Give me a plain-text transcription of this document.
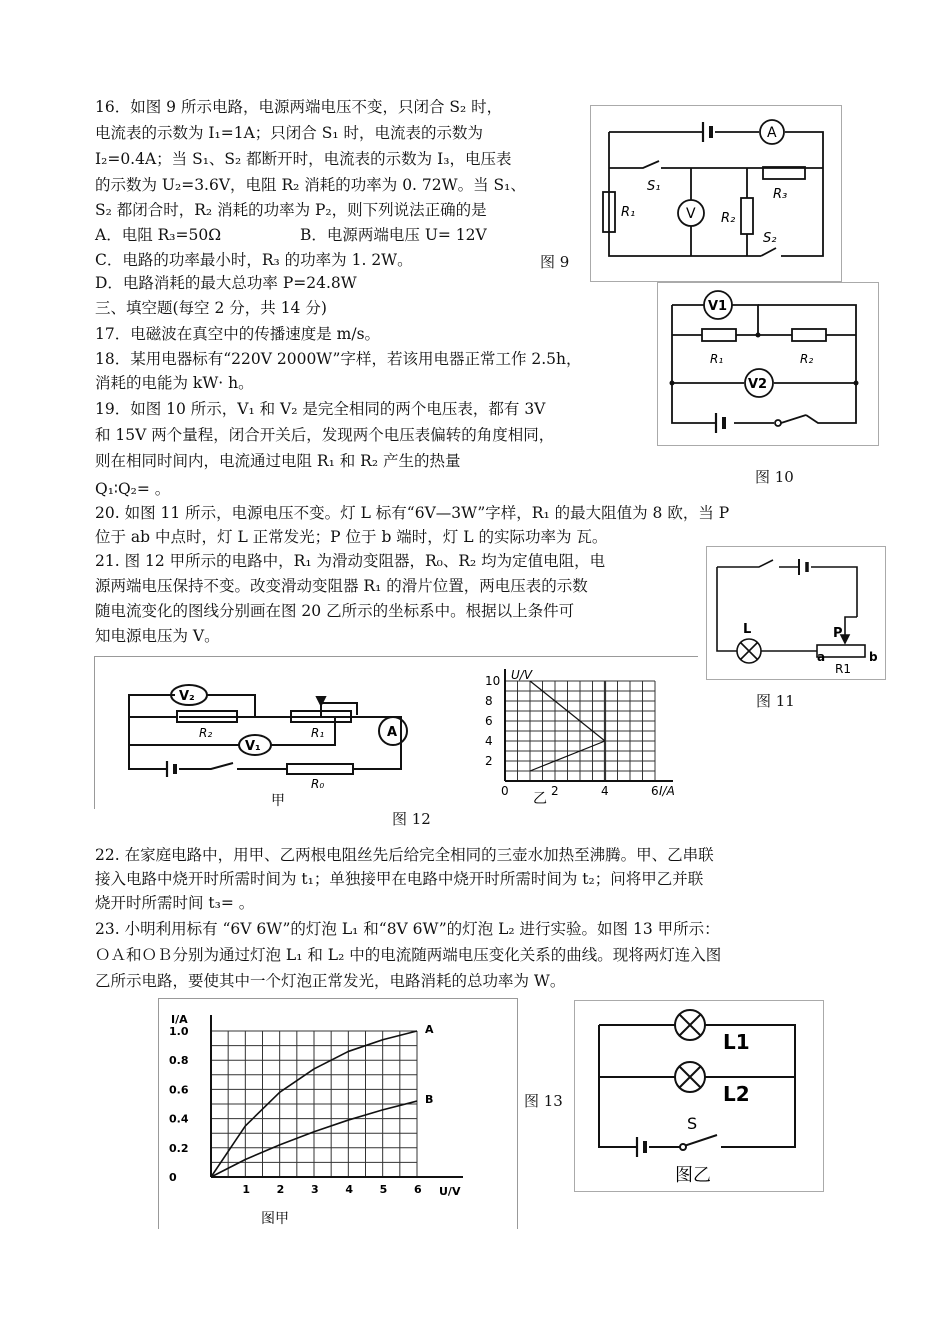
16．如图 9 所示电路，电源两端电压不变，只闭合 S₂ 时，
电流表的示数为 I₁=1A；只闭合 S₁ 时，电流表的示数为
I₂=0.4A；当 S₁、S₂ 都断开时，电流表的示数为 I₃，电压表
的示数为 U₂=3.6V，电阻 R₂ 消耗的功率为 0. 72W。当 S₁、
S₂ 都闭合时，R₂ 消耗的功率为 P₂，则下列说法正确的是
A．电阻 R₃=50Ω	B．电源两端电压 U= 12V
C．电路的功率最小时，R₃ 的功率为 1. 2W。	图 9
D．电路消耗的最大总功率 P=24.8W
三、填空题(每空 2 分，共 14 分)
A
V
S₁
S₂
R₁	R₂
R₃
17．电磁波在真空中的传播速度是 m/s。
18．某用电器标有“220V 2000W”字样，若该用电器正常工作 2.5h，
消耗的电能为 kW· h。
19．如图 10 所示，V₁ 和 V₂ 是完全相同的两个电压表，都有 3V
和 15V 两个量程，闭合开关后，发现两个电压表偏转的角度相同，
则在相同时间内，电流通过电阻 R₁ 和 R₂ 产生的热量
Q₁∶Q₂= 。
V1
V2
R₁	R₂
图 10
20. 如图 11 所示，电源电压不变。灯 L 标有“6V—3W”字样，R₁ 的最大阻值为 8 欧，当 P
位于 ab 中点时，灯 L 正常发光；P 位于 b 端时，灯 L 的实际功率为 瓦。
21. 图 12 甲所示的电路中，R₁ 为滑动变阻器，R₀、R₂ 均为定值电阻，电
源两端电压保持不变。改变滑动变阻器 R₁ 的滑片位置，两电压表的示数
随电流变化的图线分别画在图 20 乙所示的坐标系中。根据以上条件可
知电源电压为 V。	L	P
a	b
R1
图 11
V₂
V₁
R₂	R₁
R₀
A
甲
0	2	4	6
2
4
6
8
10
I/A
U/V
乙
图 12
22. 在家庭电路中，用甲、乙两根电阻丝先后给完全相同的三壶水加热至沸腾。甲、乙串联
接入电路中烧开时所需时间为 t₁；单独接甲在电路中烧开时所需时间为 t₂；问将甲乙并联
烧开时所需时间 t₃= 。
23. 小明利用标有 “6V 6W”的灯泡 L₁ 和“8V 6W”的灯泡 L₂ 进行实验。如图 13 甲所示：
ＯＡ和ＯＢ分别为通过灯泡 L₁ 和 L₂ 中的电流随两端电压变化关系的曲线。现将两灯连入图
乙所示电路，要使其中一个灯泡正常发光，电路消耗的总功率为 W。
1 2 3 4 5 6
0
0.2
0.4
0.6
0.8
1.0
U/V
I/A
A
B
图甲
图 13
L1
L2
S
图乙
